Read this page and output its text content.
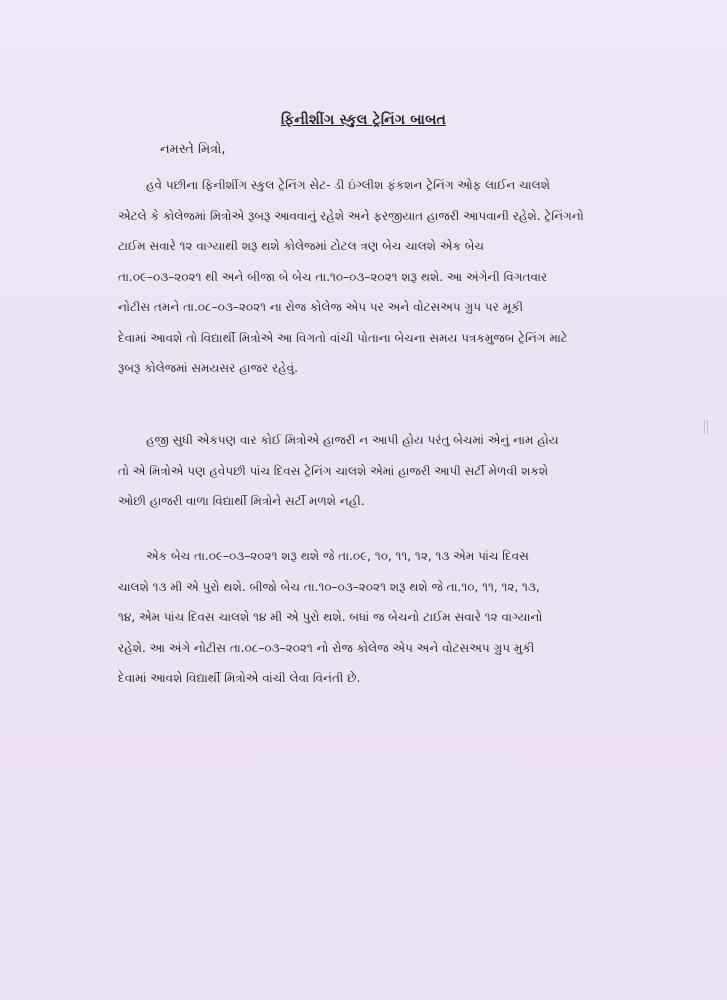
ફિનીશીંગ સ્કુલ ટ્રેનિંગ બાબત
નમસ્તે મિત્રો,

હવે પછીના ફિનીશીંગ સ્કુલ ટ્રેનિંગ સેટ- ડી ઇંગ્લીશ ફંકશન ટ્રેનિંગ ઓફ લાઈન ચાલશે
એટલે કે કોલેજમાં મિત્રોએ રૂબરૂ આવવાનું રહેશે અને ફરજીયાત હાજરી આપવાની રહેશે. ટ્રેનિંગનો
ટાઈમ સવારે ૧૨ વાગ્યાથી શરૂ થશે કોલેજમાં ટોટલ ત્રણ બેચ ચાલશે એક બેચ
તા.૦૯–૦૩–૨૦૨૧ થી અને બીજા બે બેચ તા.૧૦–૦૩–૨૦૨૧ શરૂ થશે. આ અંગેની વિગતવાર
નોટીસ તમને તા.૦૮–૦૩–૨૦૨૧ ના રોજ કોલેજ એપ પર અને વોટસઅપ ગ્રુપ પર મૂકી
દેવામાં આવશે તો વિદ્યાર્થી મિત્રોએ આ વિગતો વાંચી પોતાના બેચના સમય પત્રકમુજબ ટ્રેનિંગ માટે
રૂબરૂ કોલેજમાં સમયસર હાજર રહેવું.

હજી સુધી એકપણ વાર કોઈ મિત્રોએ હાજરી ન આપી હોય પરંતુ બેચમાં એનું નામ હોય
તો એ મિત્રોએ પણ હવેપછી પાંચ દિવસ ટ્રેનિંગ ચાલશે એમાં હાજરી આપી સર્ટી મેળવી શકશે
ઓછી હાજરી વાળા વિદ્યાર્થી મિત્રોને સર્ટી મળશે નહી.

એક બેચ તા.૦૯–૦૩–૨૦૨૧ શરૂ થશે જે તા.૦૯, ૧૦, ૧૧, ૧૨, ૧૩ એમ પાંચ દિવસ
ચાલશે ૧૩ મી એ પુરો થશે. બીજો બેચ તા.૧૦–૦૩–૨૦૨૧ શરૂ થશે જે તા.૧૦, ૧૧, ૧૨, ૧૩,
૧૪, એમ પાંચ દિવસ ચાલશે ૧૪ મી એ પુરો થશે. બધાં જ બેચનો ટાઈમ સવારે ૧૨ વાગ્યાનો
રહેશે. આ અંગે નોટીસ તા.૦૮–૦૩–૨૦૨૧ નો રોજ કોલેજ એપ અને વોટસઅપ ગ્રુપ મુકી
દેવામાં આવશે વિદ્યાર્થી મિત્રોએ વાંચી લેવા વિનંતી છે.
